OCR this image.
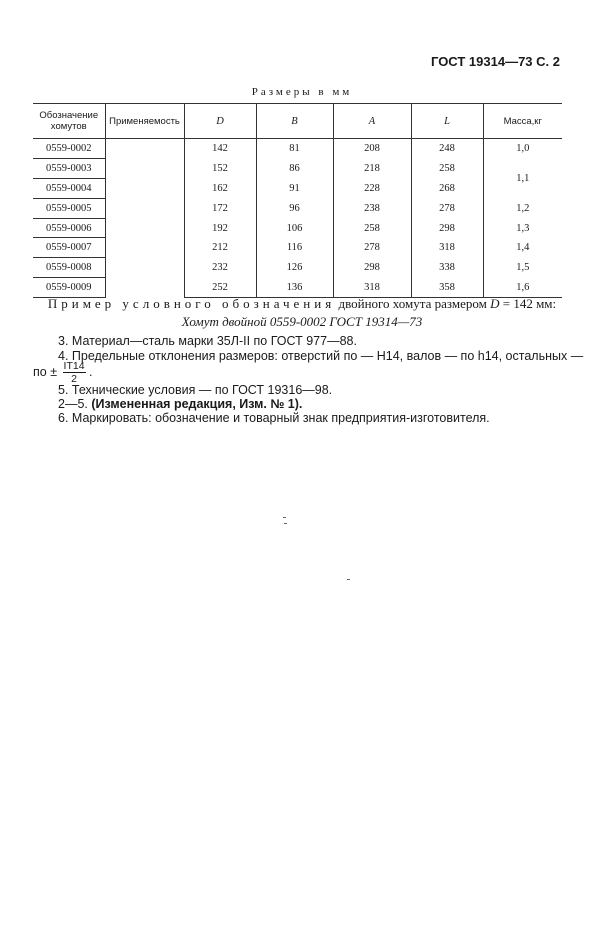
ГОСТ 19314—73 С. 2
Размеры в мм
Обозначение хомутов	Применяемость	D	B	A	L	Масса,кг
0559-0002		142	81	208	248	1,0
0559-0003		152	86	218	258	1,1
0559-0004		162	91	228	268	
0559-0005		172	96	238	278	1,2
0559-0006		192	106	258	298	1,3
0559-0007		212	116	278	318	1,4
0559-0008		232	126	298	338	1,5
0559-0009		252	136	318	358	1,6
Пример условного обозначения двойного хомута размером D = 142 мм:
Хомут двойной 0559-0002 ГОСТ 19314—73
3. Материал—сталь марки 35Л-II по ГОСТ 977—88.
4. Предельные отклонения размеров: отверстий по — H14, валов — по h14, остальных —
по ± $\frac{IT14}{2}$ .
5. Технические условия — по ГОСТ 19316—98.
2—5. (Измененная редакция, Изм. № 1).
6. Маркировать: обозначение и товарный знак предприятия-изготовителя.
